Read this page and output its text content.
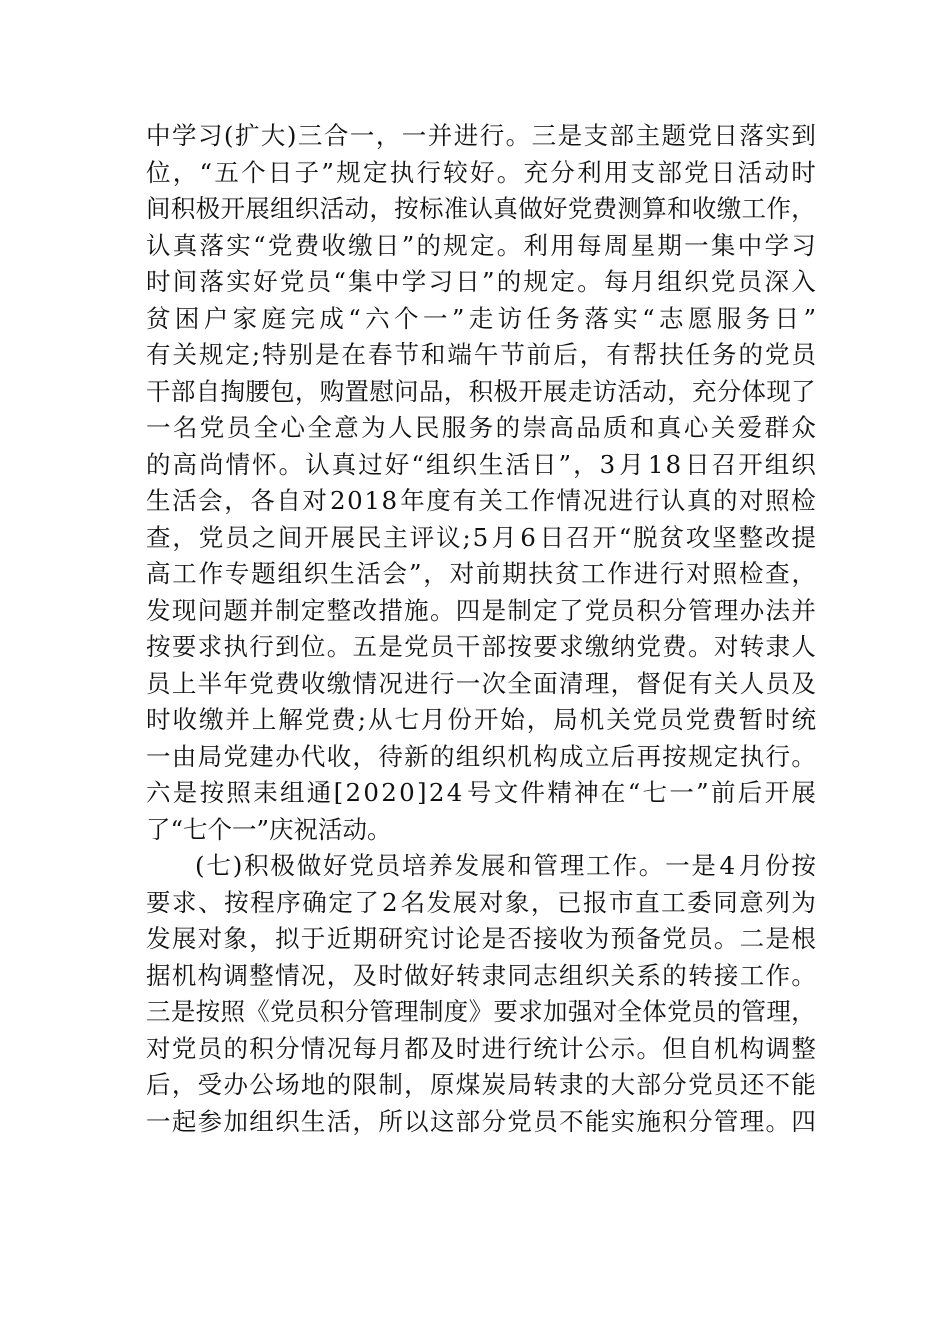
中 学 习 ( 扩 大 ) 三 合 一 ， 一 并 进 行 。 三 是 支 部 主 题 党 日 落 实 到
位 ， “ 五 个 日 子 ” 规 定 执 行 较 好 。 充 分 利 用 支 部 党 日 活 动 时
间 积 极 开 展 组 织 活 动 ， 按 标 准 认 真 做 好 党 费 测 算 和 收 缴 工 作 ，
认 真 落 实 “ 党 费 收 缴 日 ” 的 规 定 。 利 用 每 周 星 期 一 集 中 学 习
时 间 落 实 好 党 员 “ 集 中 学 习 日 ” 的 规 定 。 每 月 组 织 党 员 深 入
贫 困 户 家 庭 完 成 “ 六 个 一 ” 走 访 任 务 落 实 “ 志 愿 服 务 日 ”
有 关 规 定 ; 特 别 是 在 春 节 和 端 午 节 前 后 ， 有 帮 扶 任 务 的 党 员
干 部 自 掏 腰 包 ， 购 置 慰 问 品 ， 积 极 开 展 走 访 活 动 ， 充 分 体 现 了
一 名 党 员 全 心 全 意 为 人 民 服 务 的 崇 高 品 质 和 真 心 关 爱 群 众
的 高 尚 情 怀 。 认 真 过 好 “ 组 织 生 活 日 ” ， 3 月 1 8 日 召 开 组 织
生 活 会 ， 各 自 对 2 0 1 8 年 度 有 关 工 作 情 况 进 行 认 真 的 对 照 检
查 ， 党 员 之 间 开 展 民 主 评 议 ; 5 月 6 日 召 开 “ 脱 贫 攻 坚 整 改 提
高 工 作 专 题 组 织 生 活 会 ” ， 对 前 期 扶 贫 工 作 进 行 对 照 检 查 ，
发 现 问 题 并 制 定 整 改 措 施 。 四 是 制 定 了 党 员 积 分 管 理 办 法 并
按 要 求 执 行 到 位 。 五 是 党 员 干 部 按 要 求 缴 纳 党 费 。 对 转 隶 人
员 上 半 年 党 费 收 缴 情 况 进 行 一 次 全 面 清 理 ， 督 促 有 关 人 员 及
时 收 缴 并 上 解 党 费 ; 从 七 月 份 开 始 ， 局 机 关 党 员 党 费 暂 时 统
一 由 局 党 建 办 代 收 ， 待 新 的 组 织 机 构 成 立 后 再 按 规 定 执 行 。
六 是 按 照 耒 组 通 [ 2 0 2 0 ] 2 4 号 文 件 精 神 在 “ 七 一 ” 前 后 开 展
了“七个一”庆祝活动。
( 七 ) 积 极 做 好 党 员 培 养 发 展 和 管 理 工 作 。 一 是 4 月 份 按
要 求 、 按 程 序 确 定 了 2 名 发 展 对 象 ， 已 报 市 直 工 委 同 意 列 为
发 展 对 象 ， 拟 于 近 期 研 究 讨 论 是 否 接 收 为 预 备 党 员 。 二 是 根
据 机 构 调 整 情 况 ， 及 时 做 好 转 隶 同 志 组 织 关 系 的 转 接 工 作 。
三 是 按 照 《 党 员 积 分 管 理 制 度 》 要 求 加 强 对 全 体 党 员 的 管 理 ，
对 党 员 的 积 分 情 况 每 月 都 及 时 进 行 统 计 公 示 。 但 自 机 构 调 整
后 ， 受 办 公 场 地 的 限 制 ， 原 煤 炭 局 转 隶 的 大 部 分 党 员 还 不 能
一 起 参 加 组 织 生 活 ， 所 以 这 部 分 党 员 不 能 实 施 积 分 管 理 。 四
